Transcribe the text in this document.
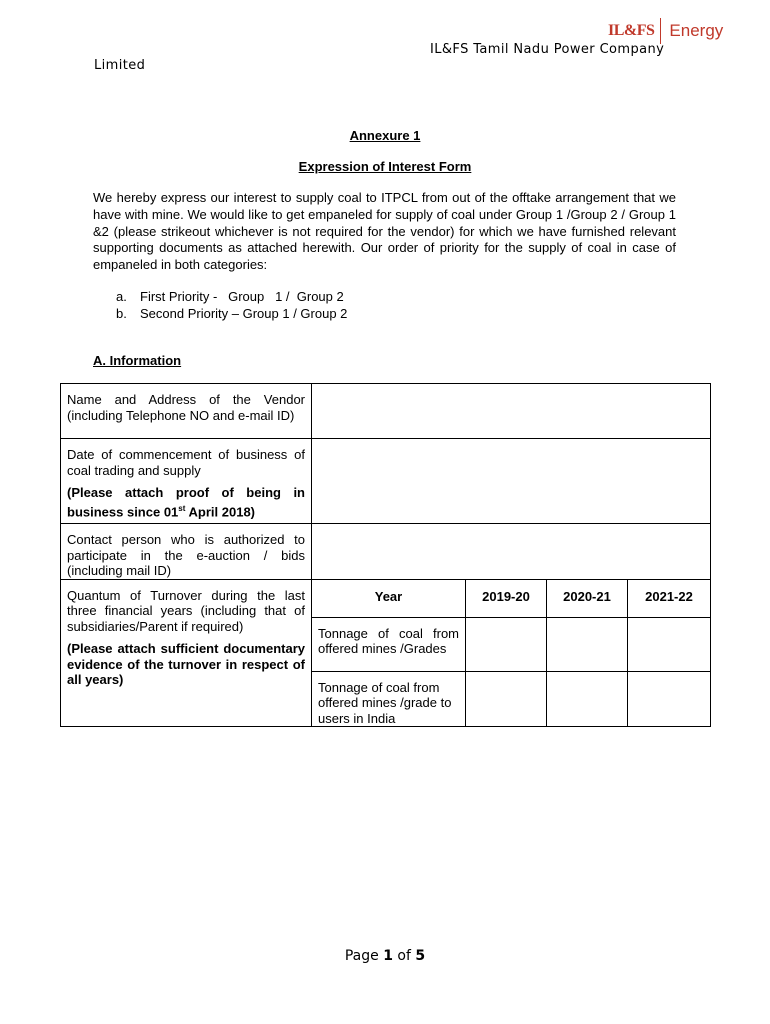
IL&FS Energy
IL&FS Tamil Nadu Power Company
Limited
Annexure 1
Expression of Interest Form
We hereby express our interest to supply coal to ITPCL from out of the offtake arrangement that we have with mine. We would like to get empaneled for supply of coal under Group 1 /Group 2 / Group 1 &2 (please strikeout whichever is not required for the vendor) for which we have furnished relevant supporting documents as attached herewith. Our order of priority for the supply of coal in case of empaneled in both categories:
a.	First Priority -   Group   1 /  Group 2
b.	Second Priority – Group 1 / Group 2
A. Information
Name and Address of the Vendor (including Telephone NO and e-mail ID)				

Date of commencement of business of coal trading and supply
(Please attach proof of being in business since 01st April 2018)				

Contact person who is authorized to participate in the e-auction / bids (including mail ID)				

Quantum of Turnover during the last three financial years (including that of subsidiaries/Parent if required)
(Please attach sufficient documentary evidence of the turnover in respect of all years)	Year	2019-20	2020-21	2021-22
	Tonnage of coal from offered mines /Grades			
	Tonnage of coal from offered mines /grade to users in India			
Page 1 of 5
